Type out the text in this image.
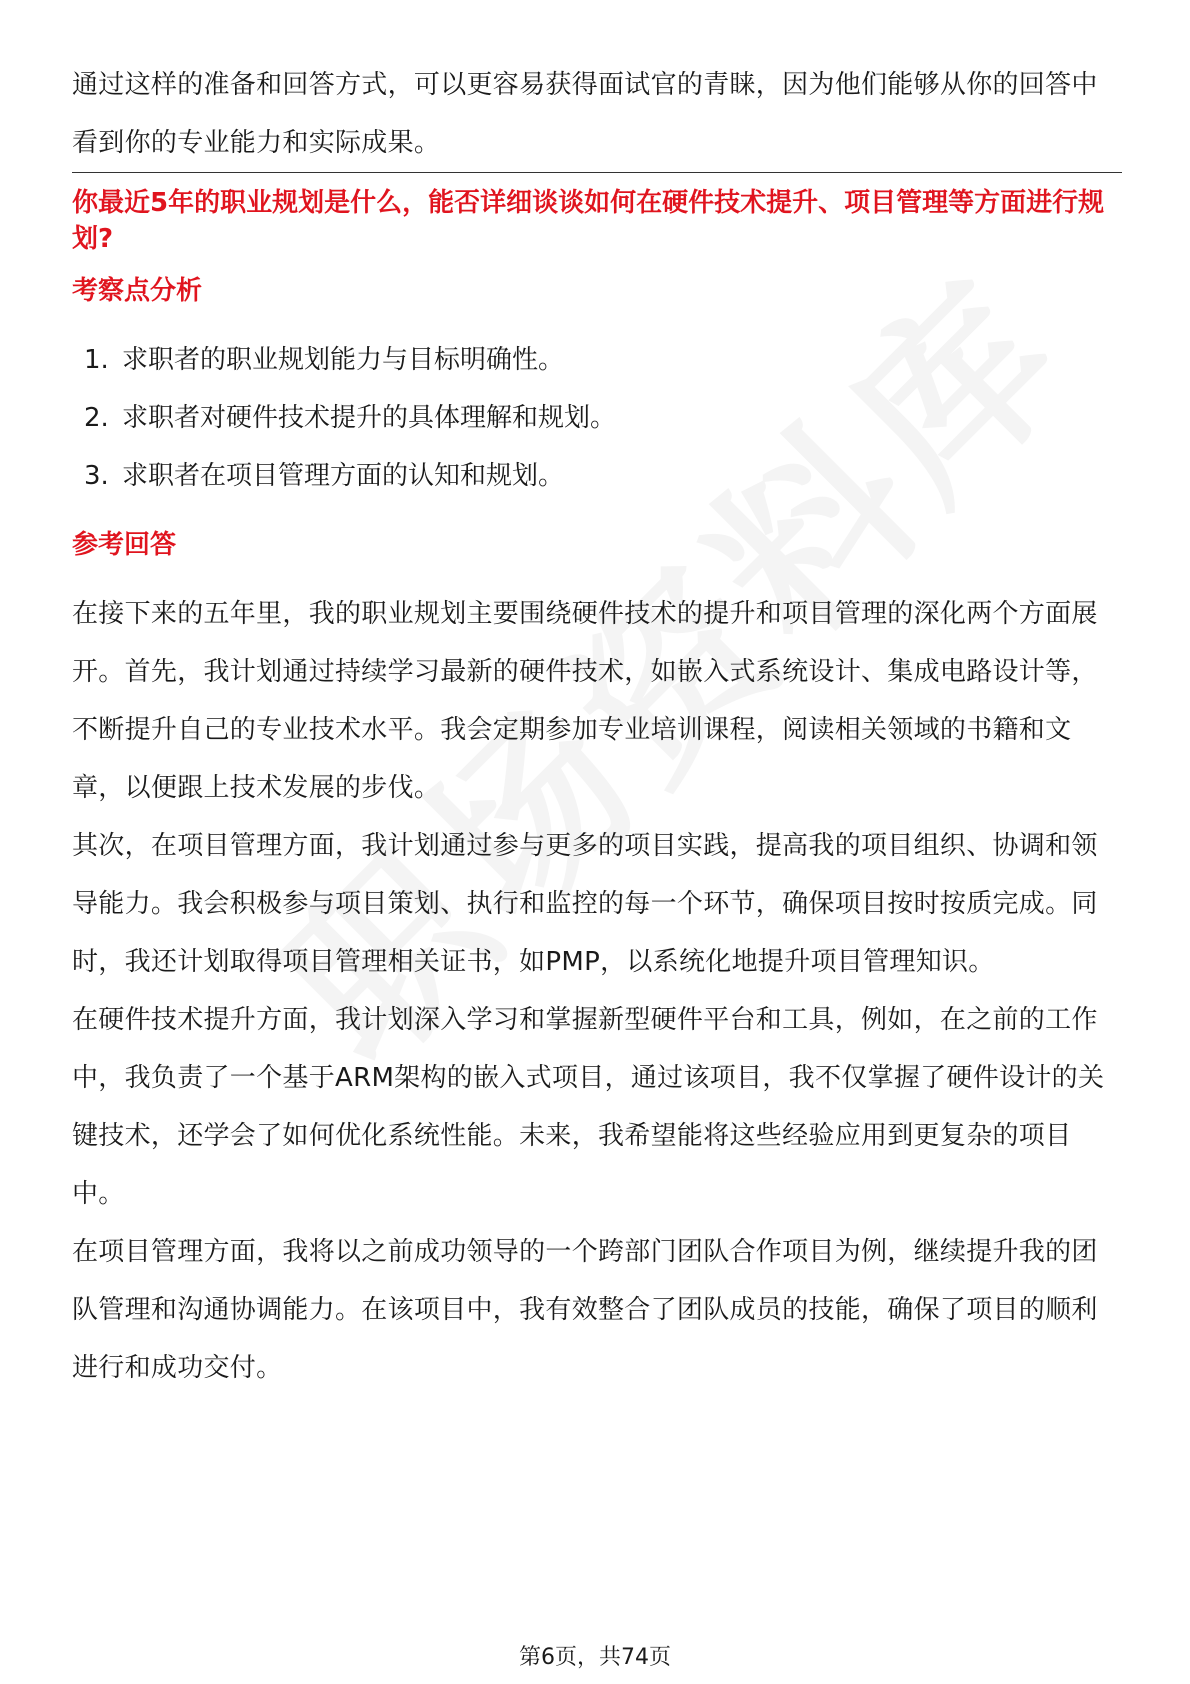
通过这样的准备和回答方式，可以更容易获得面试官的青睐，因为他们能够从你的回答中看到你的专业能力和实际成果。

你最近5年的职业规划是什么，能否详细谈谈如何在硬件技术提升、项目管理等方面进行规划?
考察点分析
1. 求职者的职业规划能力与目标明确性。
2. 求职者对硬件技术提升的具体理解和规划。
3. 求职者在项目管理方面的认知和规划。
参考回答

在接下来的五年里，我的职业规划主要围绕硬件技术的提升和项目管理的深化两个方面展开。首先，我计划通过持续学习最新的硬件技术，如嵌入式系统设计、集成电路设计等，不断提升自己的专业技术水平。我会定期参加专业培训课程，阅读相关领域的书籍和文章，以便跟上技术发展的步伐。

其次，在项目管理方面，我计划通过参与更多的项目实践，提高我的项目组织、协调和领导能力。我会积极参与项目策划、执行和监控的每一个环节，确保项目按时按质完成。同时，我还计划取得项目管理相关证书，如PMP，以系统化地提升项目管理知识。

在硬件技术提升方面，我计划深入学习和掌握新型硬件平台和工具，例如，在之前的工作中，我负责了一个基于ARM架构的嵌入式项目，通过该项目，我不仅掌握了硬件设计的关键技术，还学会了如何优化系统性能。未来，我希望能将这些经验应用到更复杂的项目中。

在项目管理方面，我将以之前成功领导的一个跨部门团队合作项目为例，继续提升我的团队管理和沟通协调能力。在该项目中，我有效整合了团队成员的技能，确保了项目的顺利进行和成功交付。

第6页，共74页
